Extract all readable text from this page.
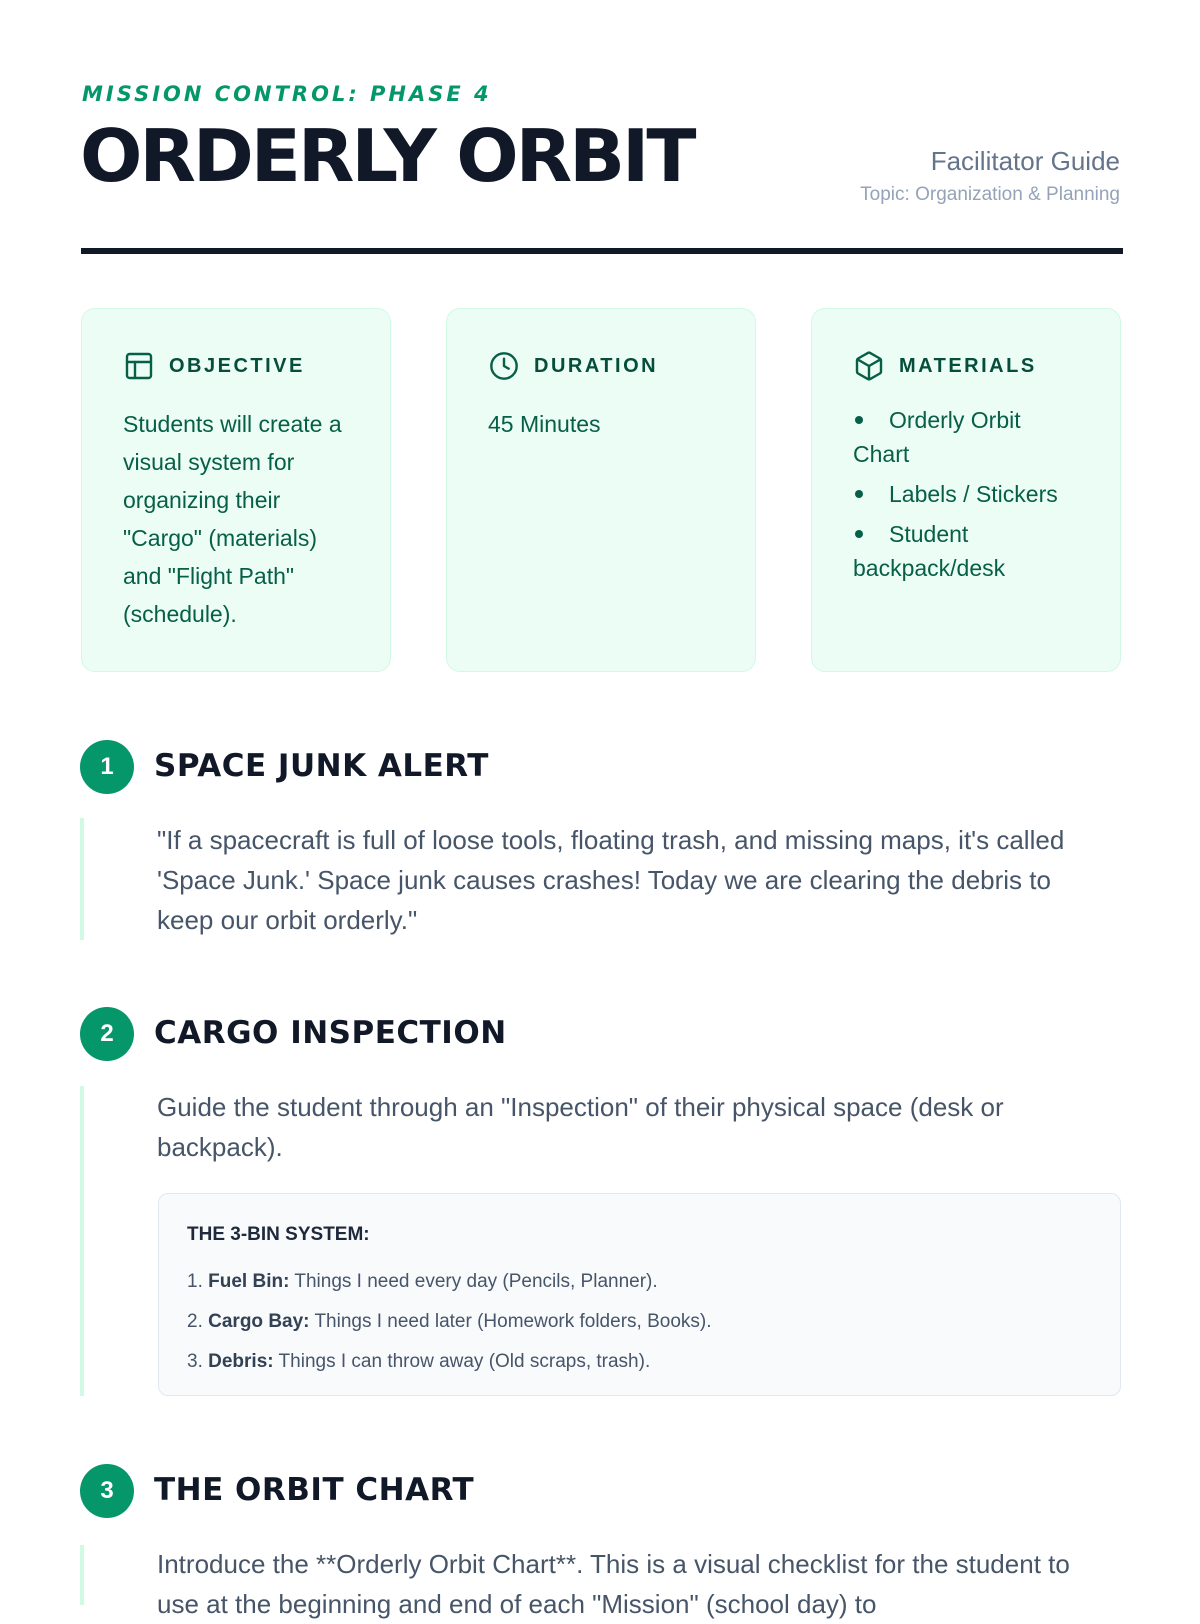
MISSION CONTROL: PHASE 4
ORDERLY ORBIT	Facilitator Guide
Topic: Organization & Planning
OBJECTIVE
Students will create a visual system for organizing their "Cargo" (materials) and "Flight Path" (schedule).
DURATION
45 Minutes
MATERIALS
Orderly Orbit Chart
Labels / Stickers
Student backpack/desk
1	SPACE JUNK ALERT
"If a spacecraft is full of loose tools, floating trash, and missing maps, it's called 'Space Junk.' Space junk causes crashes! Today we are clearing the debris to keep our orbit orderly."
2	CARGO INSPECTION
Guide the student through an "Inspection" of their physical space (desk or backpack).
THE 3-BIN SYSTEM:
1. Fuel Bin: Things I need every day (Pencils, Planner).
2. Cargo Bay: Things I need later (Homework folders, Books).
3. Debris: Things I can throw away (Old scraps, trash).
3	THE ORBIT CHART
Introduce the **Orderly Orbit Chart**. This is a visual checklist for the student to use at the beginning and end of each "Mission" (school day) to
